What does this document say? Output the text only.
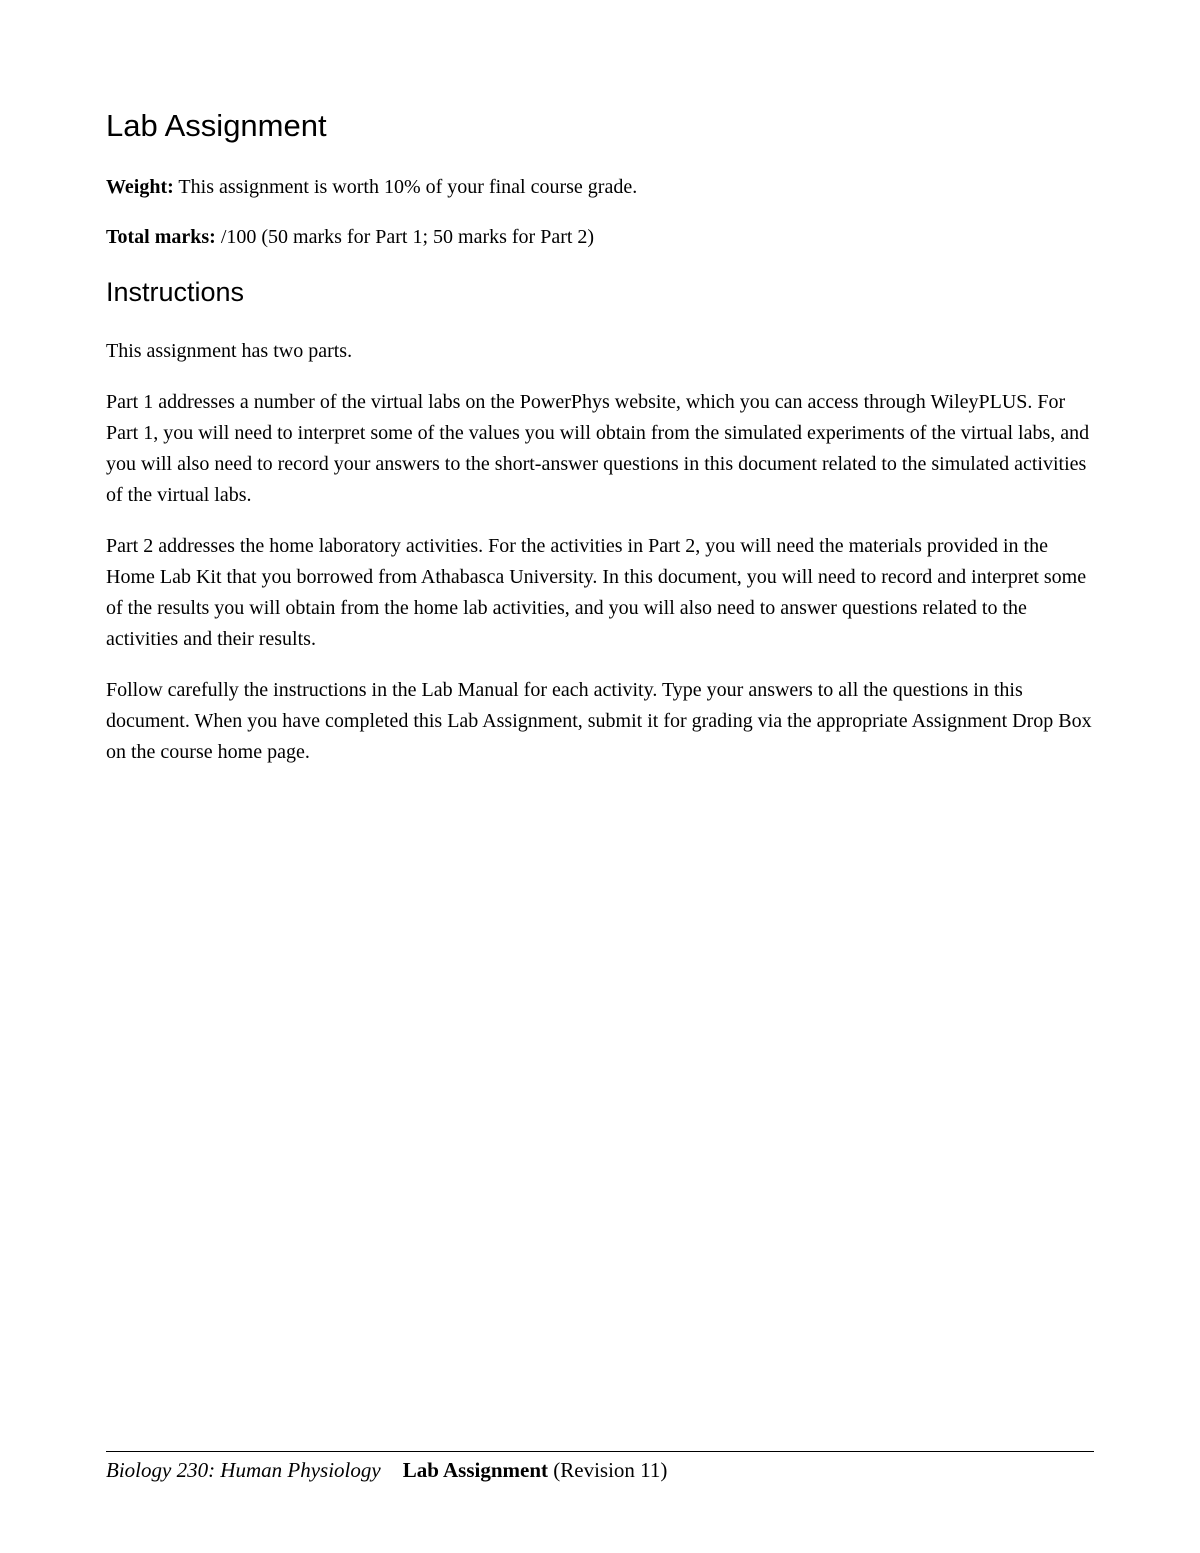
Lab Assignment

Weight: This assignment is worth 10% of your final course grade.

Total marks: /100 (50 marks for Part 1; 50 marks for Part 2)

Instructions

This assignment has two parts.

Part 1 addresses a number of the virtual labs on the PowerPhys website, which you can access through WileyPLUS. For Part 1, you will need to interpret some of the values you will obtain from the simulated experiments of the virtual labs, and you will also need to record your answers to the short-answer questions in this document related to the simulated activities of the virtual labs.

Part 2 addresses the home laboratory activities. For the activities in Part 2, you will need the materials provided in the Home Lab Kit that you borrowed from Athabasca University. In this document, you will need to record and interpret some of the results you will obtain from the home lab activities, and you will also need to answer questions related to the activities and their results.

Follow carefully the instructions in the Lab Manual for each activity. Type your answers to all the questions in this document. When you have completed this Lab Assignment, submit it for grading via the appropriate Assignment Drop Box on the course home page.

Biology 230: Human Physiology Lab Assignment (Revision 11)
